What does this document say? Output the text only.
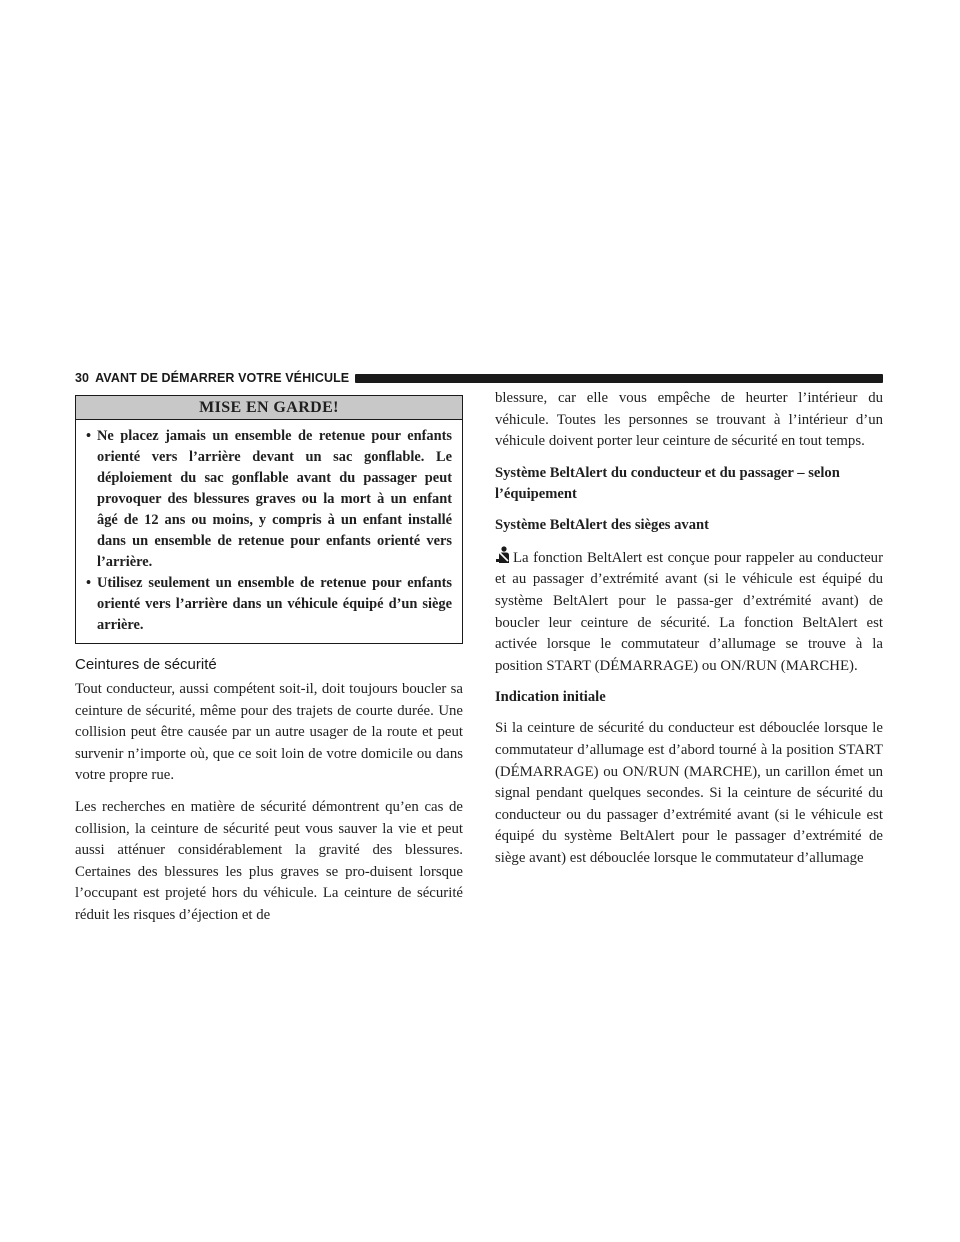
30 AVANT DE DÉMARRER VOTRE VÉHICULE
MISE EN GARDE!
• Ne placez jamais un ensemble de retenue pour enfants orienté vers l’arrière devant un sac gonflable. Le déploiement du sac gonflable avant du passager peut provoquer des blessures graves ou la mort à un enfant âgé de 12 ans ou moins, y compris à un enfant installé dans un ensemble de retenue pour enfants orienté vers l’arrière.
• Utilisez seulement un ensemble de retenue pour enfants orienté vers l’arrière dans un véhicule équipé d’un siège arrière.
Ceintures de sécurité

Tout conducteur, aussi compétent soit-il, doit toujours boucler sa ceinture de sécurité, même pour des trajets de courte durée. Une collision peut être causée par un autre usager de la route et peut survenir n’importe où, que ce soit loin de votre domicile ou dans votre propre rue.

Les recherches en matière de sécurité démontrent qu’en cas de collision, la ceinture de sécurité peut vous sauver la vie et peut aussi atténuer considérablement la gravité des blessures. Certaines des blessures les plus graves se pro-duisent lorsque l’occupant est projeté hors du véhicule. La ceinture de sécurité réduit les risques d’éjection et de

blessure, car elle vous empêche de heurter l’intérieur du véhicule. Toutes les personnes se trouvant à l’intérieur d’un véhicule doivent porter leur ceinture de sécurité en tout temps.

Système BeltAlert du conducteur et du passager – selon l’équipement
Système BeltAlert des sièges avant

La fonction BeltAlert est conçue pour rappeler au conducteur et au passager d’extrémité avant (si le véhicule est équipé du système BeltAlert pour le passa-ger d’extrémité avant) de boucler leur ceinture de sécurité. La fonction BeltAlert est activée lorsque le commutateur d’allumage se trouve à la position START (DÉMARRAGE) ou ON/RUN (MARCHE).

Indication initiale

Si la ceinture de sécurité du conducteur est débouclée lorsque le commutateur d’allumage est d’abord tourné à la position START (DÉMARRAGE) ou ON/RUN (MARCHE), un carillon émet un signal pendant quelques secondes. Si la ceinture de sécurité du conducteur ou du passager d’extrémité avant (si le véhicule est équipé du système BeltAlert pour le passager d’extrémité de siège avant) est débouclée lorsque le commutateur d’allumage
